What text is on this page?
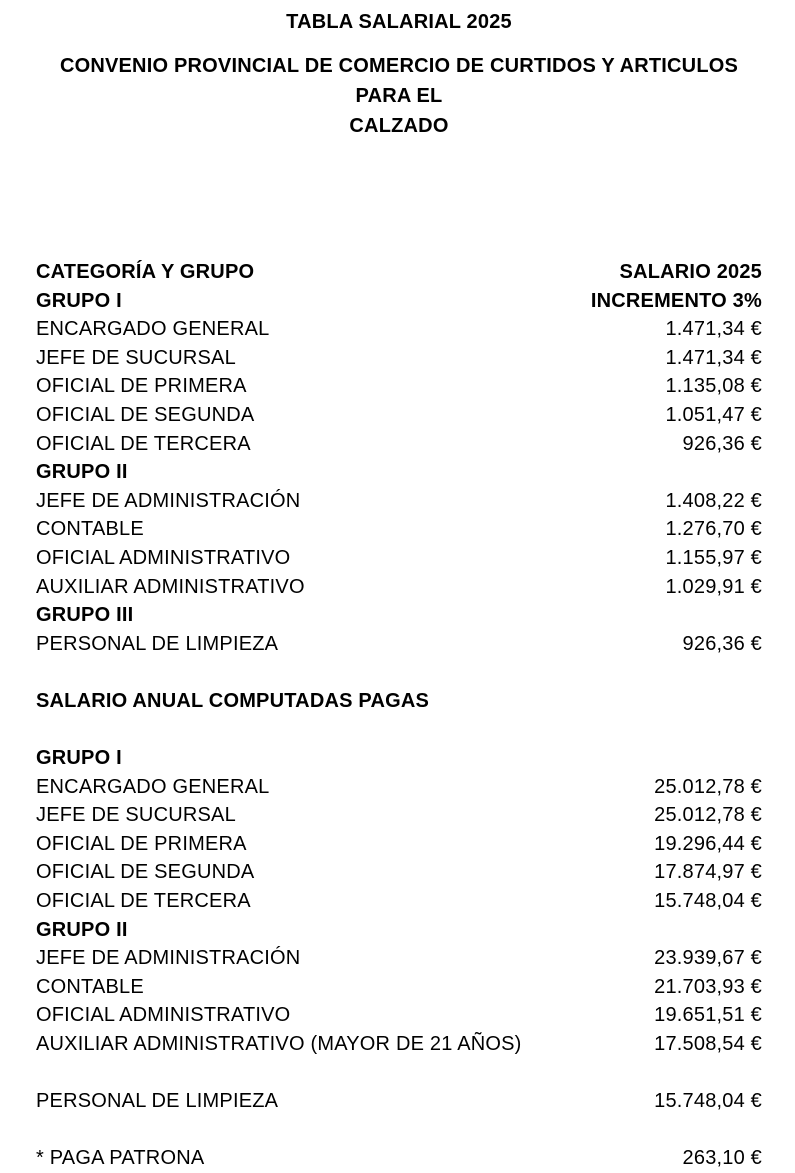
TABLA SALARIAL 2025
CONVENIO PROVINCIAL DE COMERCIO DE CURTIDOS Y ARTICULOS PARA EL
CALZADO
CATEGORÍA Y GRUPO	SALARIO 2025
GRUPO I	INCREMENTO 3%
ENCARGADO GENERAL	1.471,34 €
JEFE DE SUCURSAL	1.471,34 €
OFICIAL DE PRIMERA	1.135,08 €
OFICIAL DE SEGUNDA	1.051,47 €
OFICIAL DE TERCERA	926,36 €
GRUPO II
JEFE DE ADMINISTRACIÓN	1.408,22 €
CONTABLE	1.276,70 €
OFICIAL ADMINISTRATIVO	1.155,97 €
AUXILIAR ADMINISTRATIVO	1.029,91 €
GRUPO III
PERSONAL DE LIMPIEZA	926,36 €
SALARIO ANUAL COMPUTADAS PAGAS
GRUPO I
ENCARGADO GENERAL	25.012,78 €
JEFE DE SUCURSAL	25.012,78 €
OFICIAL DE PRIMERA	19.296,44 €
OFICIAL DE SEGUNDA	17.874,97 €
OFICIAL DE TERCERA	15.748,04 €
GRUPO II
JEFE DE ADMINISTRACIÓN	23.939,67 €
CONTABLE	21.703,93 €
OFICIAL ADMINISTRATIVO	19.651,51 €
AUXILIAR ADMINISTRATIVO (MAYOR DE 21 AÑOS)	17.508,54 €
PERSONAL DE LIMPIEZA	15.748,04 €
* PAGA PATRONA	263,10 €
